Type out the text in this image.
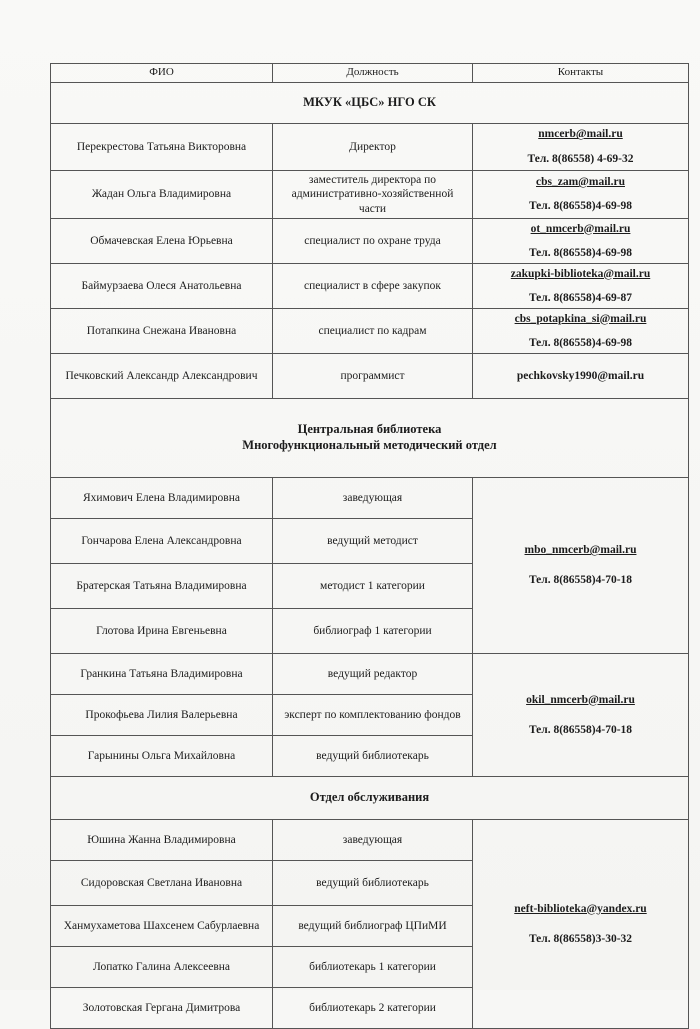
ФИО	Должность	Контакты
МКУК «ЦБС» НГО СК		
Перекрестова Татьяна Викторовна	Директор	nmcerb@mail.ru
Тел. 8(86558) 4-69-32

Жадан Ольга Владимировна	заместитель директора по административно-хозяйственной части	cbs_zam@mail.ru
Тел. 8(86558)4-69-98

Обмачевская Елена Юрьевна	специалист по охране труда	ot_nmcerb@mail.ru
Тел. 8(86558)4-69-98

Баймурзаева Олеся Анатольевна	специалист в сфере закупок	zakupki-biblioteka@mail.ru
Тел. 8(86558)4-69-87

Потапкина Снежана Ивановна	специалист по кадрам	cbs_potapkina_si@mail.ru
Тел. 8(86558)4-69-98

Печковский Александр Александрович	программист	pechkovsky1990@mail.ru

Центральная библиотека
Многофункциональный методический отдел		

Яхимович Елена Владимировна	заведующая	mbo_nmcerb@mail.ru
Тел. 8(86558)4-70-18

Гончарова Елена Александровна	ведущий методист	
Братерская Татьяна Владимировна	методист 1 категории	
Глотова Ирина Евгеньевна	библиограф 1 категории	
Гранкина Татьяна Владимировна	ведущий редактор	okil_nmcerb@mail.ru
Тел. 8(86558)4-70-18

Прокофьева Лилия Валерьевна	эксперт по комплектованию фондов	
Гарынины Ольга Михайловна	ведущий библиотекарь	
Отдел обслуживания		
Юшина Жанна Владимировна	заведующая	neft-biblioteka@yandex.ru
Тел. 8(86558)3-30-32

Сидоровская Светлана Ивановна	ведущий библиотекарь	
Ханмухаметова Шахсенем Сабурлаевна	ведущий библиограф ЦПиМИ	
Лопатко Галина Алексеевна	библиотекарь 1 категории	
Золотовская Гергана Димитрова	библиотекарь 2 категории	
